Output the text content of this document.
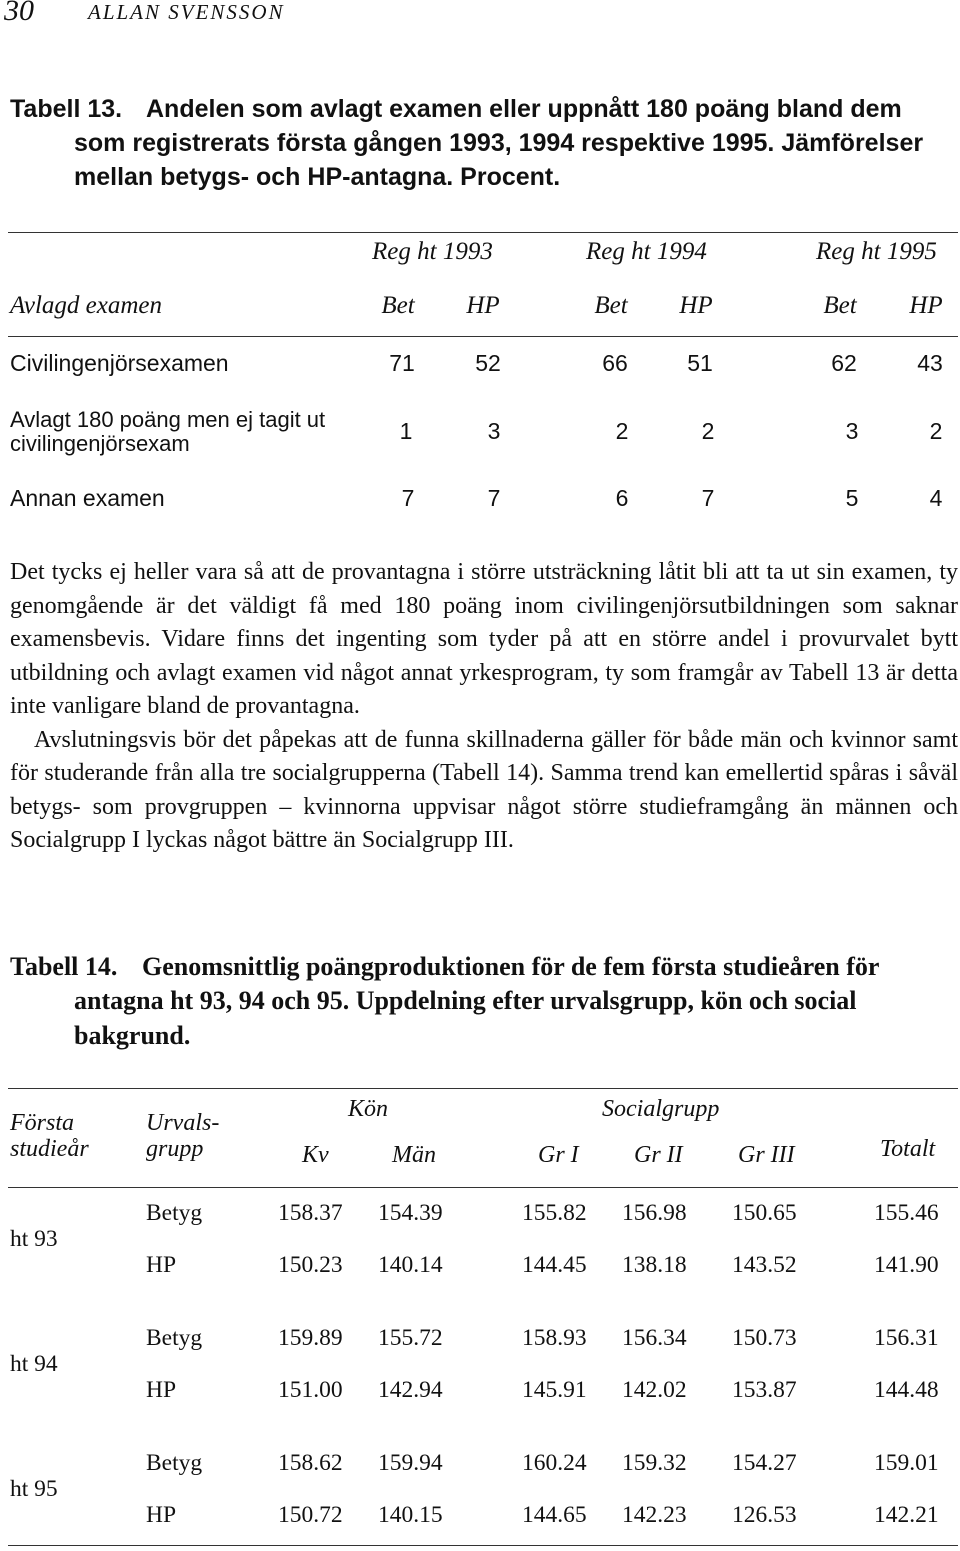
30	ALLAN SVENSSON
Tabell 13. Andelen som avlagt examen eller uppnått 180 poäng bland dem
som registrerats första gången 1993, 1994 respektive 1995. Jämförelser
mellan betygs- och HP-antagna. Procent.
Reg ht 1993	Reg ht 1994	Reg ht 1995
Avlagd examen	Bet	HP	Bet	HP	Bet	HP
Civilingenjörsexamen	71	52	66	51	62	43
Avlagt 180 poäng men ej tagit ut civilingenjörsexam	1	3	2	2	3	2
Annan examen	7	7	6	7	5	4

Det tycks ej heller vara så att de provantagna i större utsträckning låtit bli att ta ut sin examen, ty genomgående är det väldigt få med 180 poäng inom civilingenjörsutbildningen som saknar examensbevis. Vidare finns det ingenting som tyder på att en större andel i provurvalet bytt utbildning och avlagt examen vid något annat yrkesprogram, ty som framgår av Tabell 13 är detta inte vanligare bland de provantagna.

Avslutningsvis bör det påpekas att de funna skillnaderna gäller för både män och kvinnor samt för studerande från alla tre socialgrupperna (Tabell 14). Samma trend kan emellertid spåras i såväl betygs- som provgruppen – kvinnorna uppvisar något större studieframgång än männen och Socialgrupp I lyckas något bättre än Socialgrupp III.

Tabell 14. Genomsnittlig poängproduktionen för de fem första studieåren för
antagna ht 93, 94 och 95. Uppdelning efter urvalsgrupp, kön och social
bakgrund.
Första
studieår
Urvals-
grupp
Kön	Socialgrupp
Kv	Män	Gr I Gr II Gr III	Totalt
ht 93
Betyg	158.37	154.39	155.82	156.98	150.65	155.46
HP	150.23	140.14	144.45	138.18	143.52	141.90
ht 94
Betyg	159.89	155.72	158.93	156.34	150.73	156.31
HP	151.00	142.94	145.91	142.02	153.87	144.48
ht 95
Betyg	158.62	159.94	160.24	159.32	154.27	159.01
HP	150.72	140.15	144.65	142.23	126.53	142.21
